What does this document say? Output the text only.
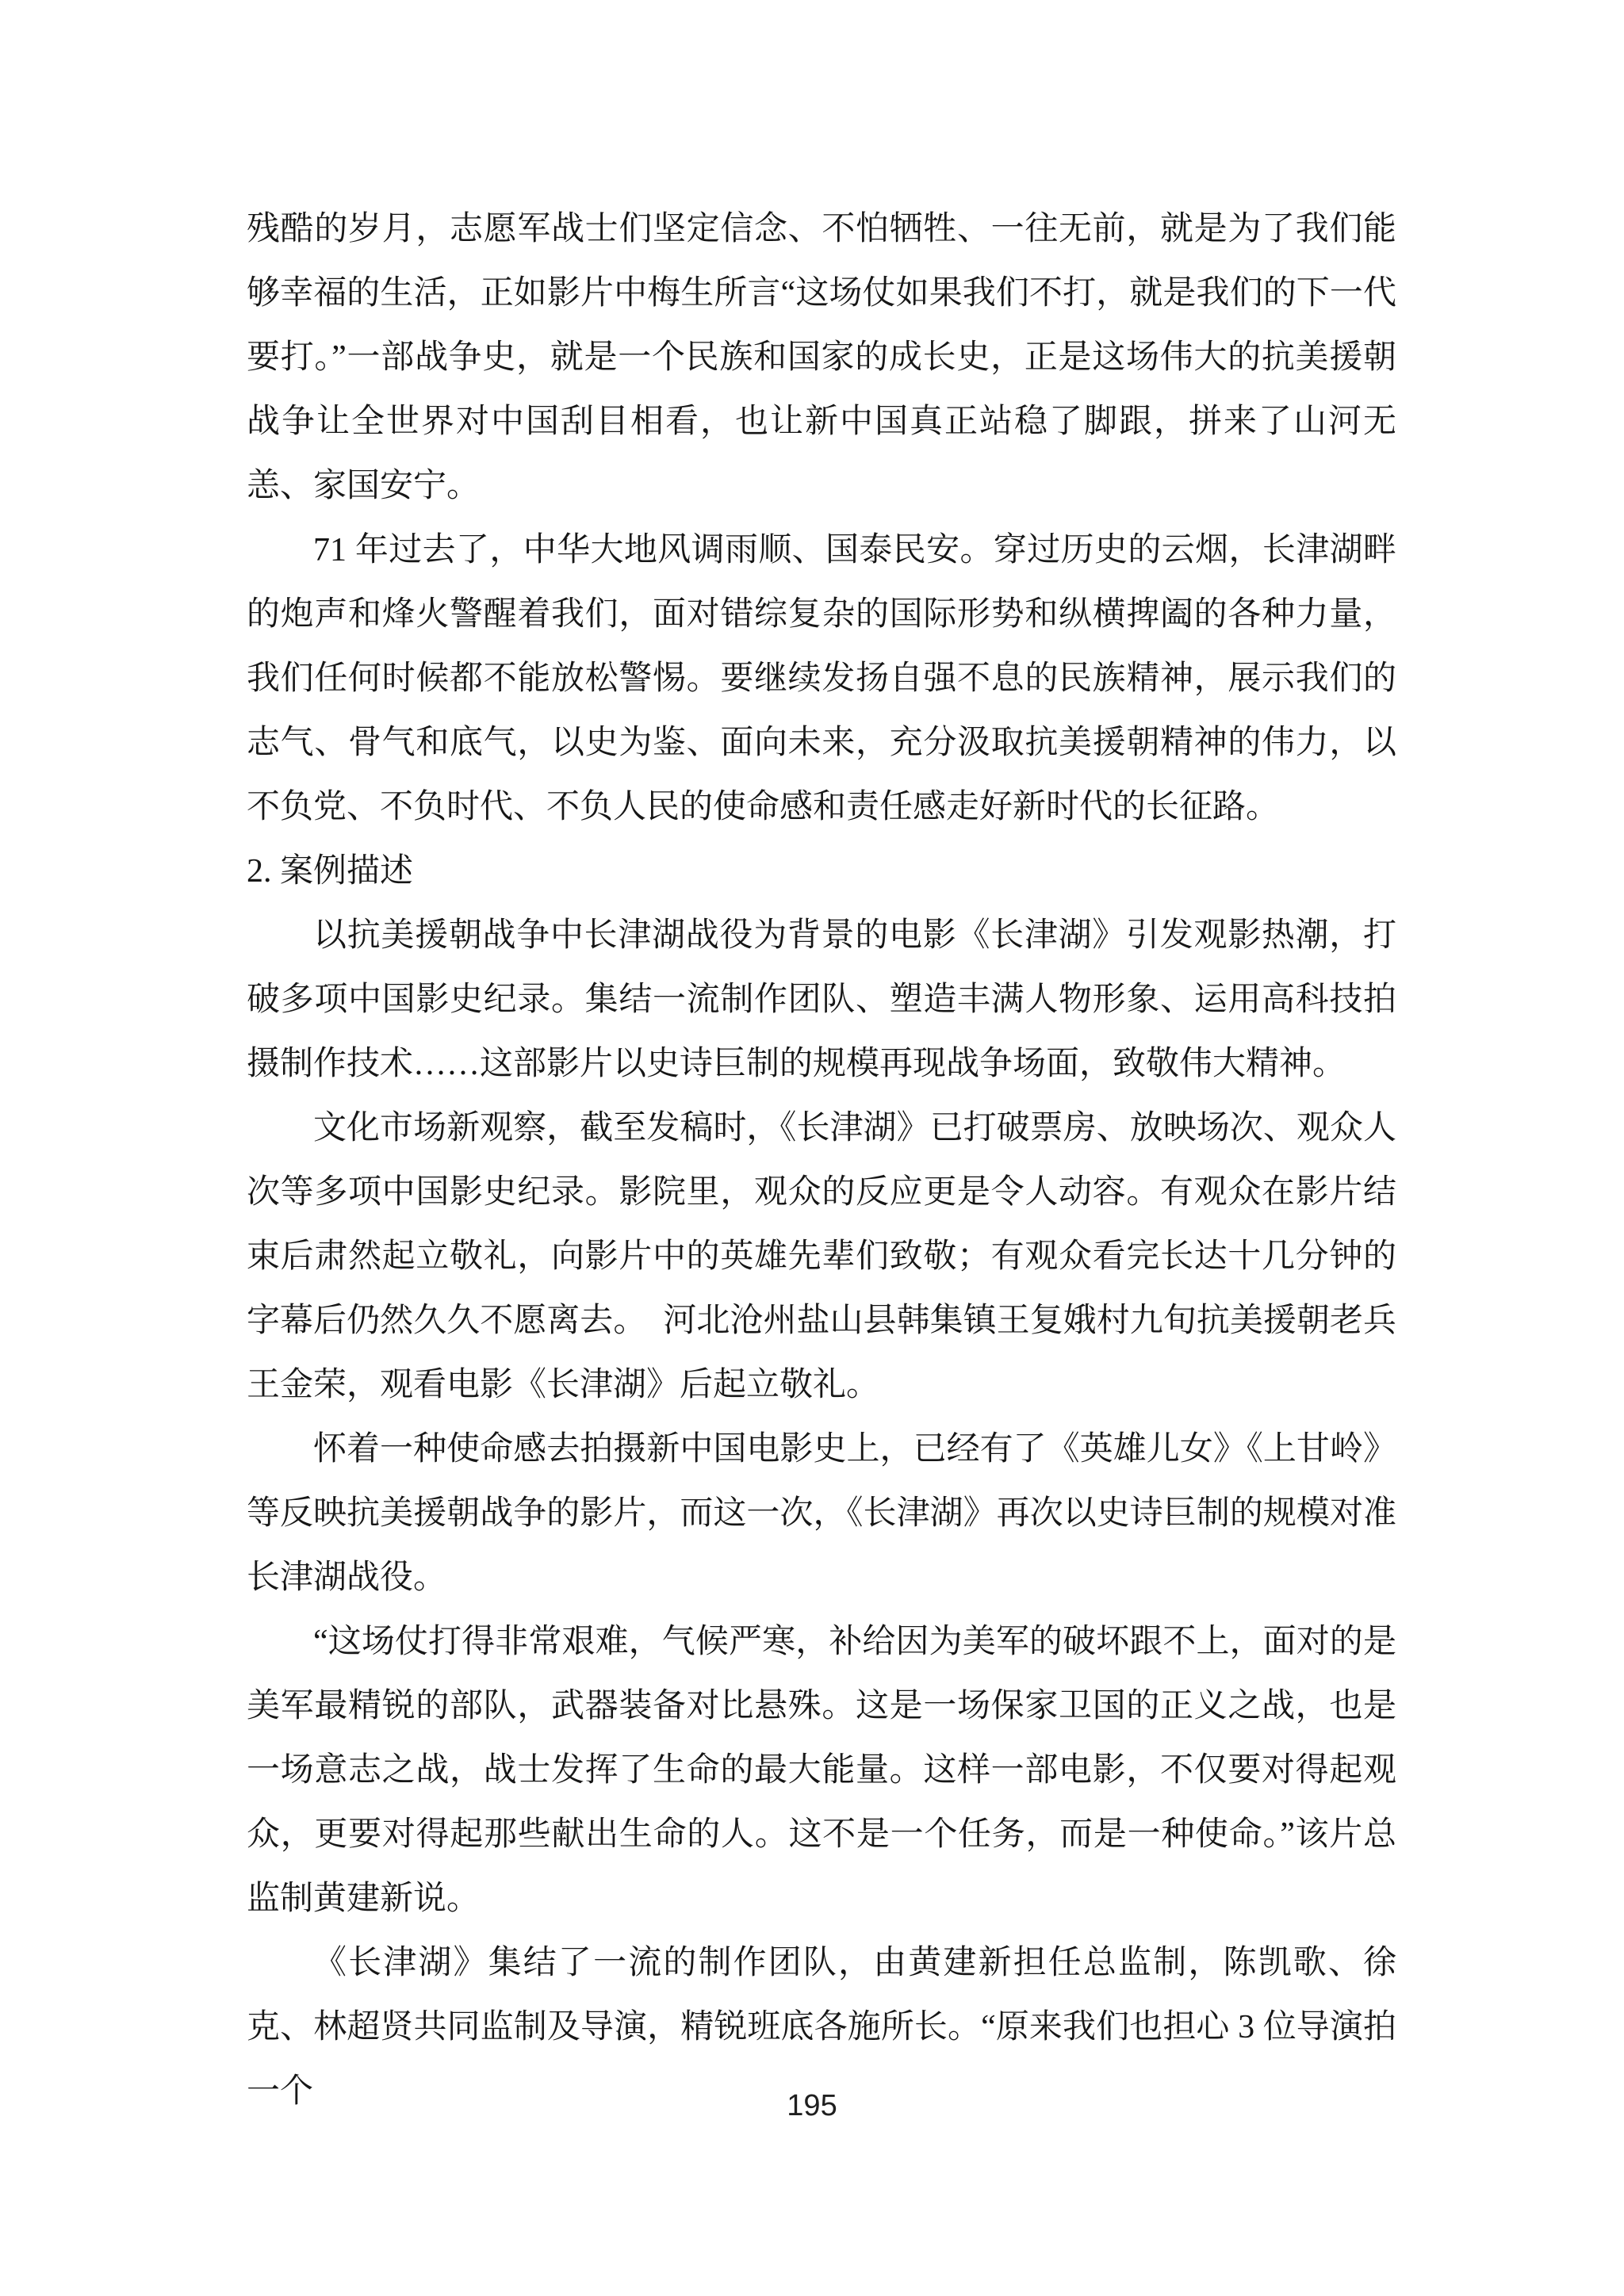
残酷的岁月，志愿军战士们坚定信念、不怕牺牲、一往无前，就是为了我们能够幸福的生活，正如影片中梅生所言“这场仗如果我们不打，就是我们的下一代要打。”一部战争史，就是一个民族和国家的成长史，正是这场伟大的抗美援朝战争让全世界对中国刮目相看，也让新中国真正站稳了脚跟，拼来了山河无恙、家国安宁。

71 年过去了，中华大地风调雨顺、国泰民安。穿过历史的云烟，长津湖畔的炮声和烽火警醒着我们，面对错综复杂的国际形势和纵横捭阖的各种力量，我们任何时候都不能放松警惕。要继续发扬自强不息的民族精神，展示我们的志气、骨气和底气，以史为鉴、面向未来，充分汲取抗美援朝精神的伟力，以不负党、不负时代、不负人民的使命感和责任感走好新时代的长征路。

2. 案例描述

以抗美援朝战争中长津湖战役为背景的电影《长津湖》引发观影热潮，打破多项中国影史纪录。集结一流制作团队、塑造丰满人物形象、运用高科技拍摄制作技术……这部影片以史诗巨制的规模再现战争场面，致敬伟大精神。

文化市场新观察，截至发稿时，《长津湖》已打破票房、放映场次、观众人次等多项中国影史纪录。影院里，观众的反应更是令人动容。有观众在影片结束后肃然起立敬礼，向影片中的英雄先辈们致敬；有观众看完长达十几分钟的字幕后仍然久久不愿离去。　河北沧州盐山县韩集镇王复娥村九旬抗美援朝老兵王金荣，观看电影《长津湖》后起立敬礼。

怀着一种使命感去拍摄新中国电影史上，已经有了《英雄儿女》《上甘岭》等反映抗美援朝战争的影片，而这一次，《长津湖》再次以史诗巨制的规模对准长津湖战役。

“这场仗打得非常艰难，气候严寒，补给因为美军的破坏跟不上，面对的是美军最精锐的部队，武器装备对比悬殊。这是一场保家卫国的正义之战，也是一场意志之战，战士发挥了生命的最大能量。这样一部电影，不仅要对得起观众，更要对得起那些献出生命的人。这不是一个任务，而是一种使命。”该片总监制黄建新说。

《长津湖》集结了一流的制作团队，由黄建新担任总监制，陈凯歌、徐克、林超贤共同监制及导演，精锐班底各施所长。“原来我们也担心 3 位导演拍一个	195
